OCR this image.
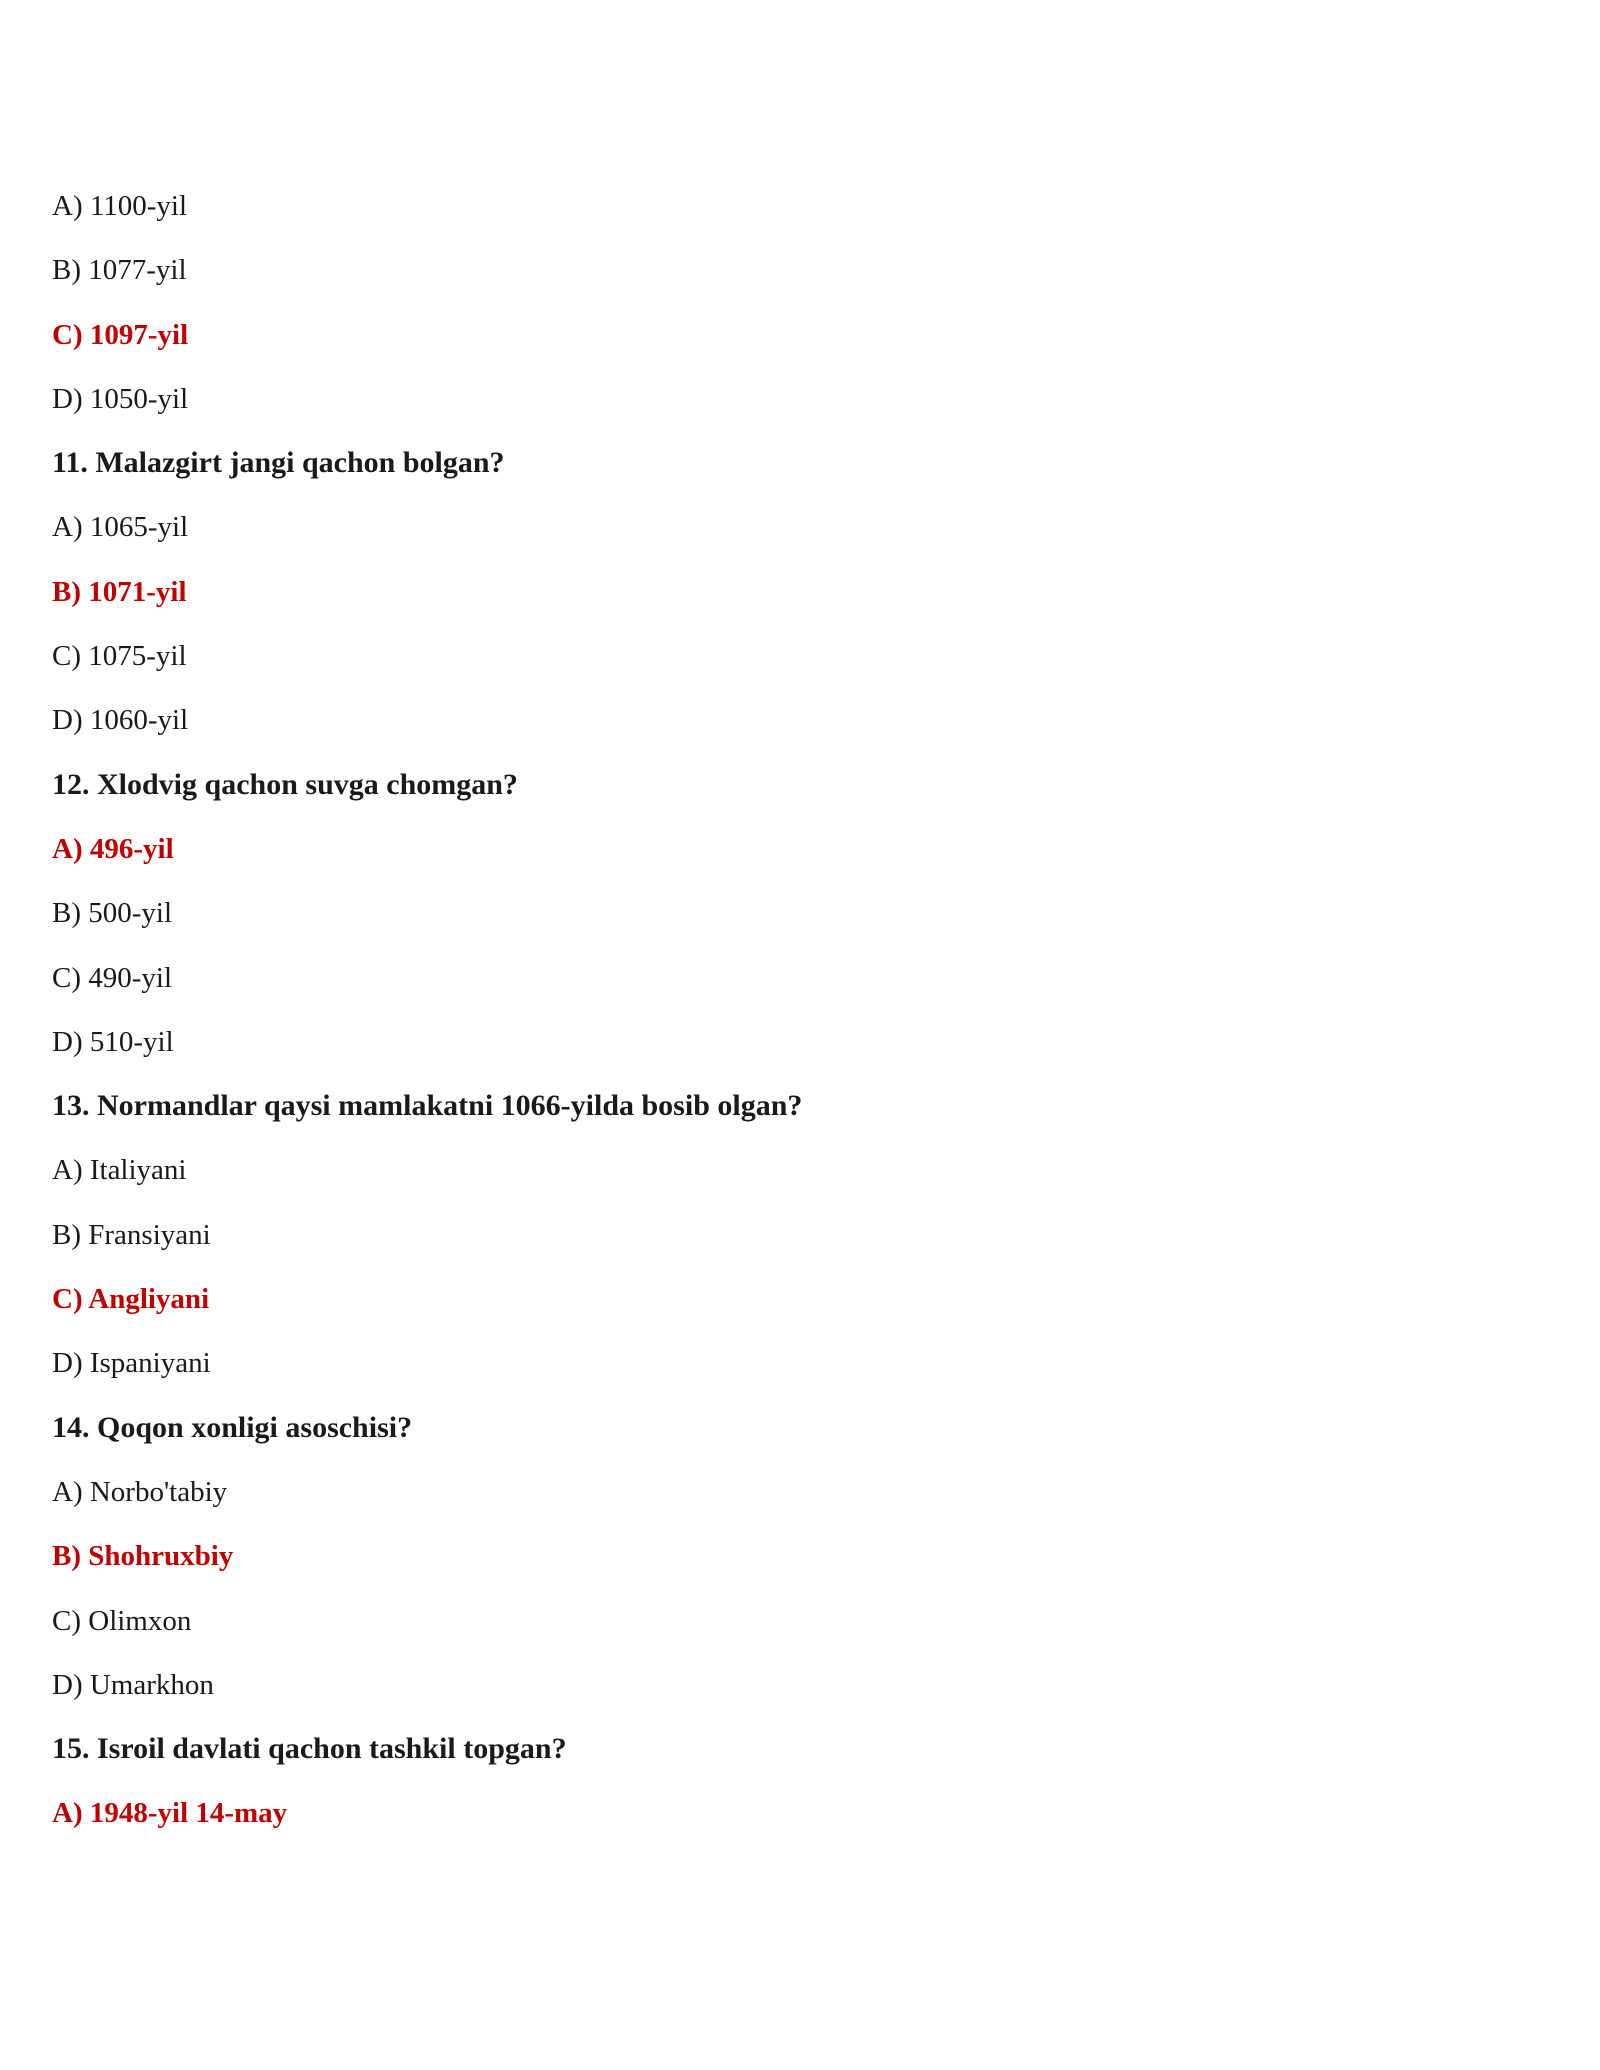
A) 1100-yil
B) 1077-yil
C) 1097-yil
D) 1050-yil
11. Malazgirt jangi qachon bolgan?
A) 1065-yil
B) 1071-yil
C) 1075-yil
D) 1060-yil
12. Xlodvig qachon suvga chomgan?
A) 496-yil
B) 500-yil
C) 490-yil
D) 510-yil
13. Normandlar qaysi mamlakatni 1066-yilda bosib olgan?
A) Italiyani
B) Fransiyani
C) Angliyani
D) Ispaniyani
14. Qoqon xonligi asoschisi?
A) Norbo'tabiy
B) Shohruxbiy
C) Olimxon
D) Umarkhon
15. Isroil davlati qachon tashkil topgan?
A) 1948-yil 14-may
